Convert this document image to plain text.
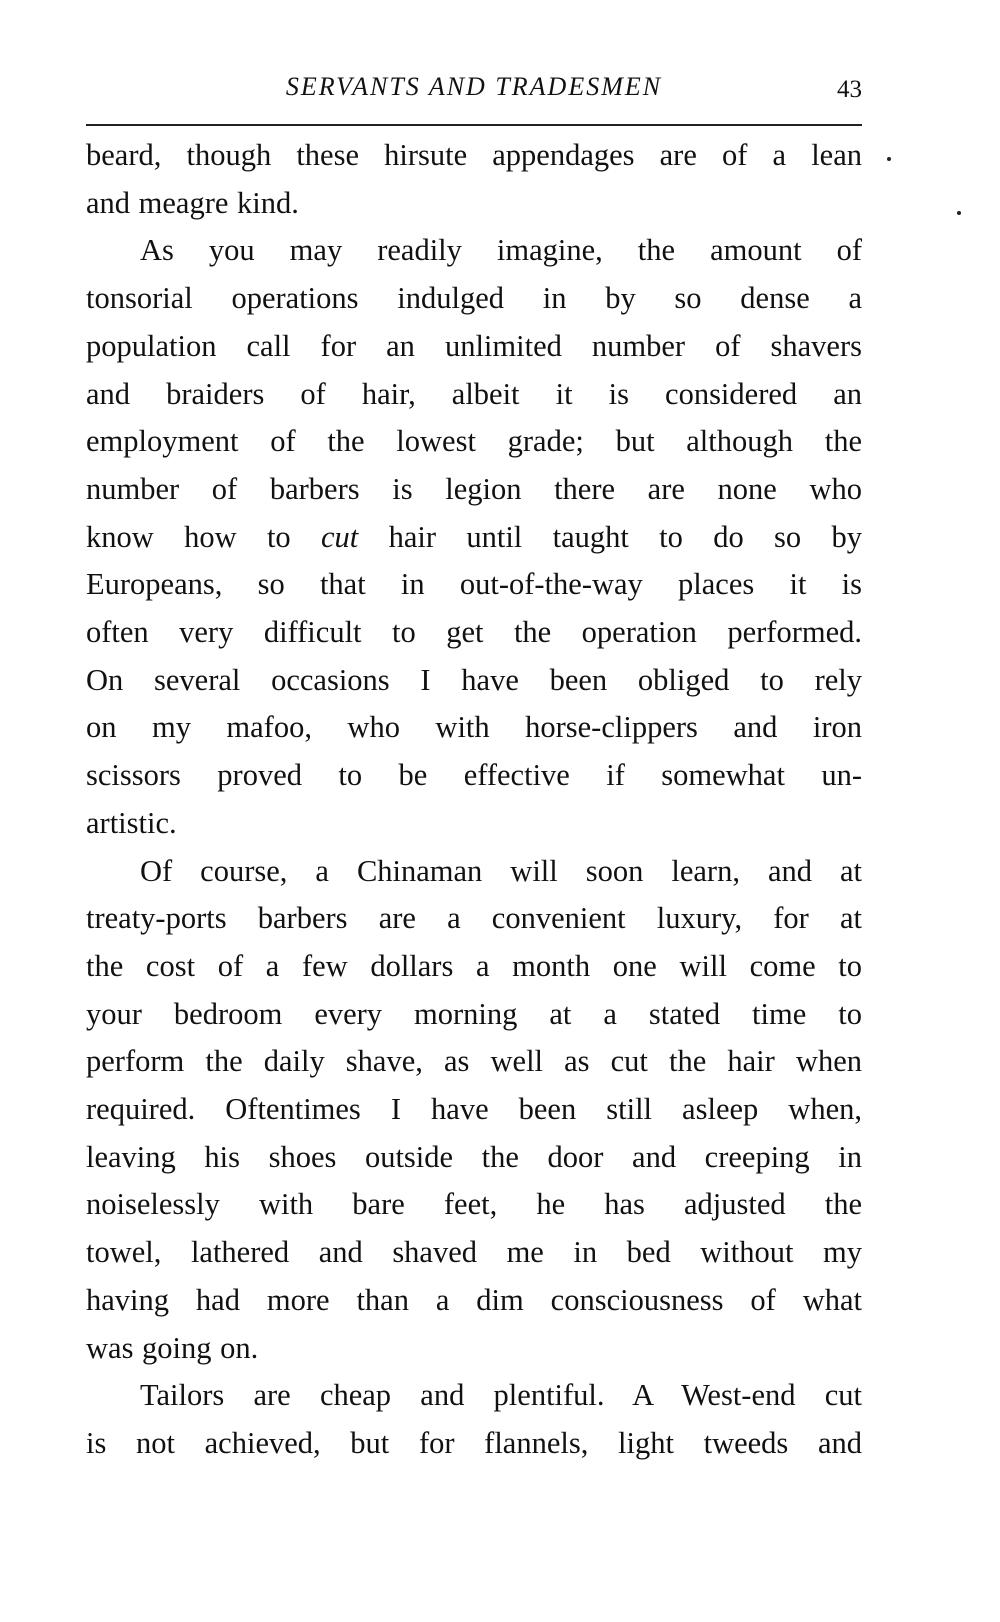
SERVANTS AND TRADESMEN	43
beard, though these hirsute appendages are of a lean
and meagre kind.
As you may readily imagine, the amount of
tonsorial operations indulged in by so dense a
population call for an unlimited number of shavers
and braiders of hair, albeit it is considered an
employment of the lowest grade; but although the
number of barbers is legion there are none who
know how to cut hair until taught to do so by
Europeans, so that in out-of-the-way places it is
often very difficult to get the operation performed.
On several occasions I have been obliged to rely
on my mafoo, who with horse-clippers and iron
scissors proved to be effective if somewhat un-
artistic.
Of course, a Chinaman will soon learn, and at
treaty-ports barbers are a convenient luxury, for at
the cost of a few dollars a month one will come to
your bedroom every morning at a stated time to
perform the daily shave, as well as cut the hair when
required. Oftentimes I have been still asleep when,
leaving his shoes outside the door and creeping in
noiselessly with bare feet, he has adjusted the
towel, lathered and shaved me in bed without my
having had more than a dim consciousness of what
was going on.
Tailors are cheap and plentiful. A West-end cut
is not achieved, but for flannels, light tweeds and
